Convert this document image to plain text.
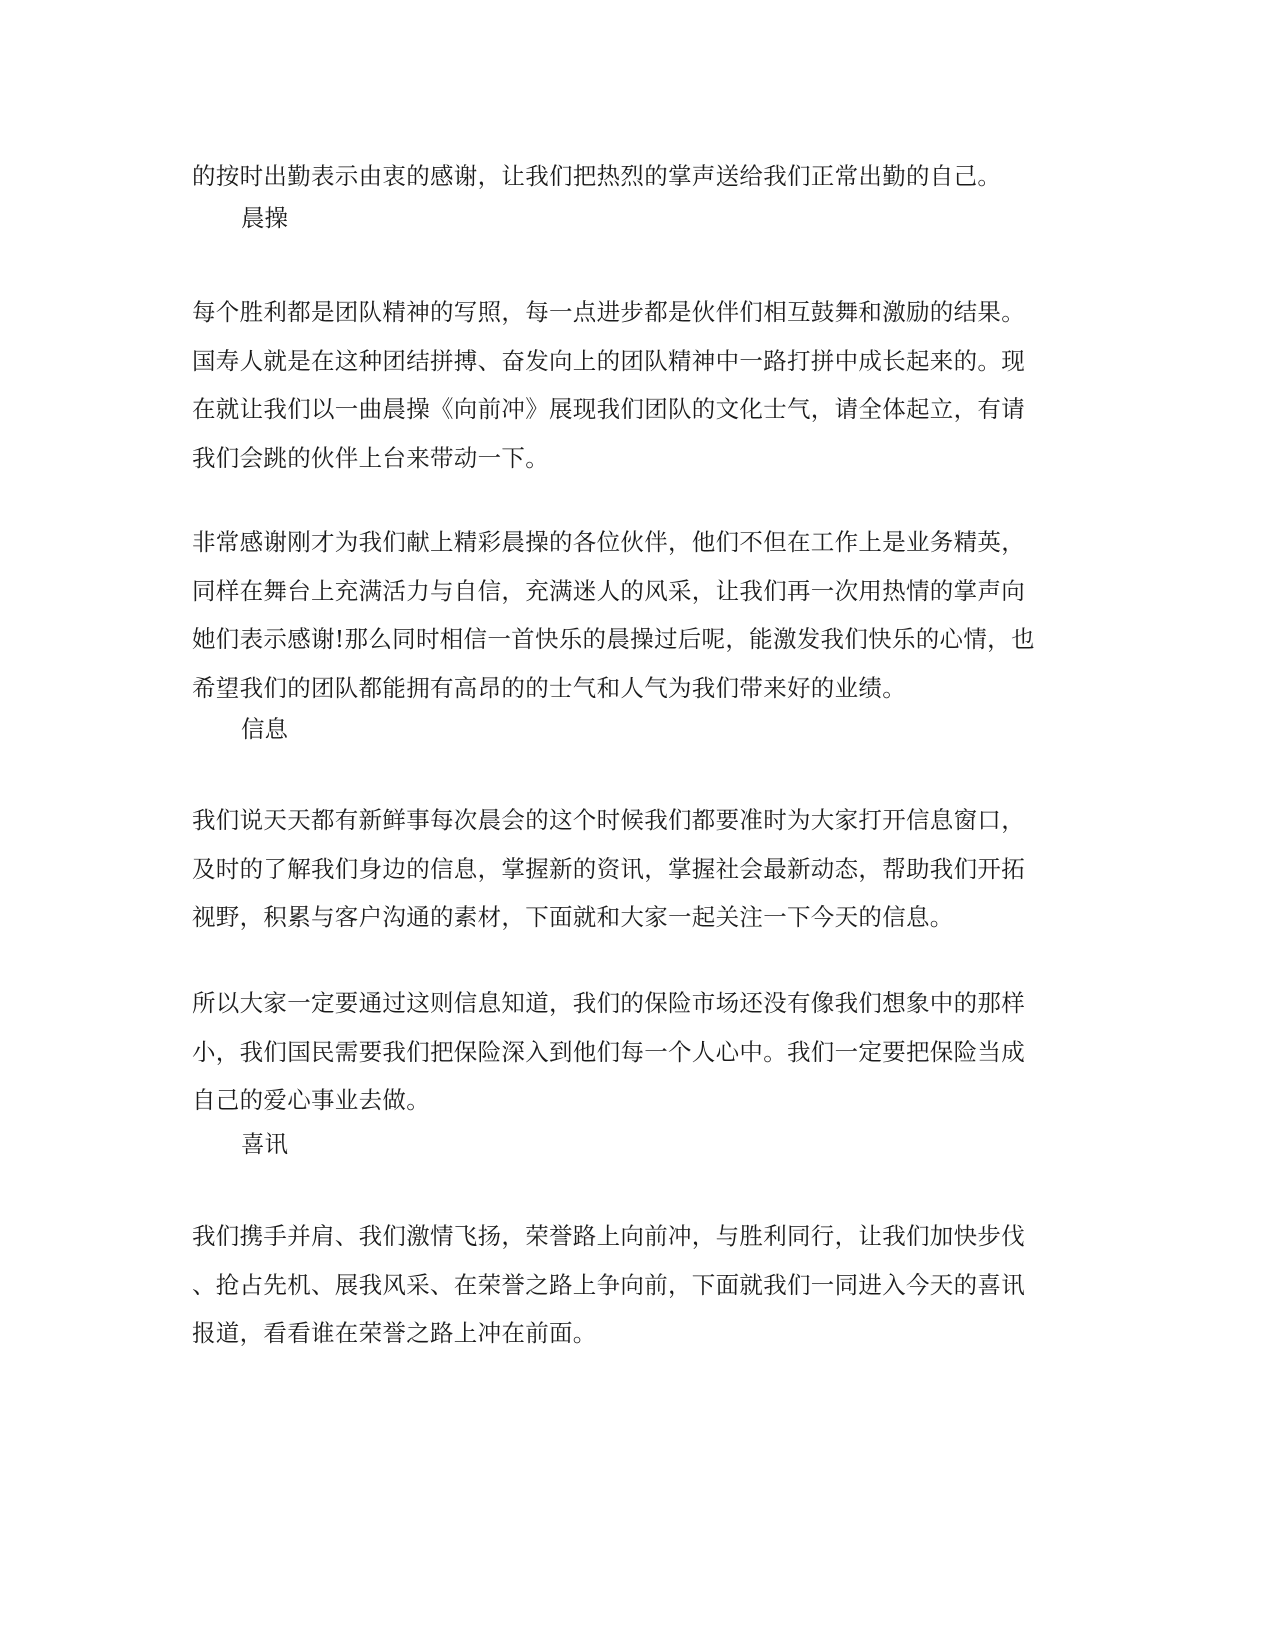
的按时出勤表示由衷的感谢，让我们把热烈的掌声送给我们正常出勤的自己。

晨操

每个胜利都是团队精神的写照，每一点进步都是伙伴们相互鼓舞和激励的结果。
国寿人就是在这种团结拼搏、奋发向上的团队精神中一路打拼中成长起来的。现
在就让我们以一曲晨操《向前冲》展现我们团队的文化士气，请全体起立，有请
我们会跳的伙伴上台来带动一下。

非常感谢刚才为我们献上精彩晨操的各位伙伴，他们不但在工作上是业务精英，
同样在舞台上充满活力与自信，充满迷人的风采，让我们再一次用热情的掌声向
她们表示感谢!那么同时相信一首快乐的晨操过后呢，能激发我们快乐的心情，也
希望我们的团队都能拥有高昂的的士气和人气为我们带来好的业绩。

信息

我们说天天都有新鲜事每次晨会的这个时候我们都要准时为大家打开信息窗口，
及时的了解我们身边的信息，掌握新的资讯，掌握社会最新动态，帮助我们开拓
视野，积累与客户沟通的素材，下面就和大家一起关注一下今天的信息。

所以大家一定要通过这则信息知道，我们的保险市场还没有像我们想象中的那样
小，我们国民需要我们把保险深入到他们每一个人心中。我们一定要把保险当成
自己的爱心事业去做。

喜讯

我们携手并肩、我们激情飞扬，荣誉路上向前冲，与胜利同行，让我们加快步伐
、抢占先机、展我风采、在荣誉之路上争向前，下面就我们一同进入今天的喜讯
报道，看看谁在荣誉之路上冲在前面。
